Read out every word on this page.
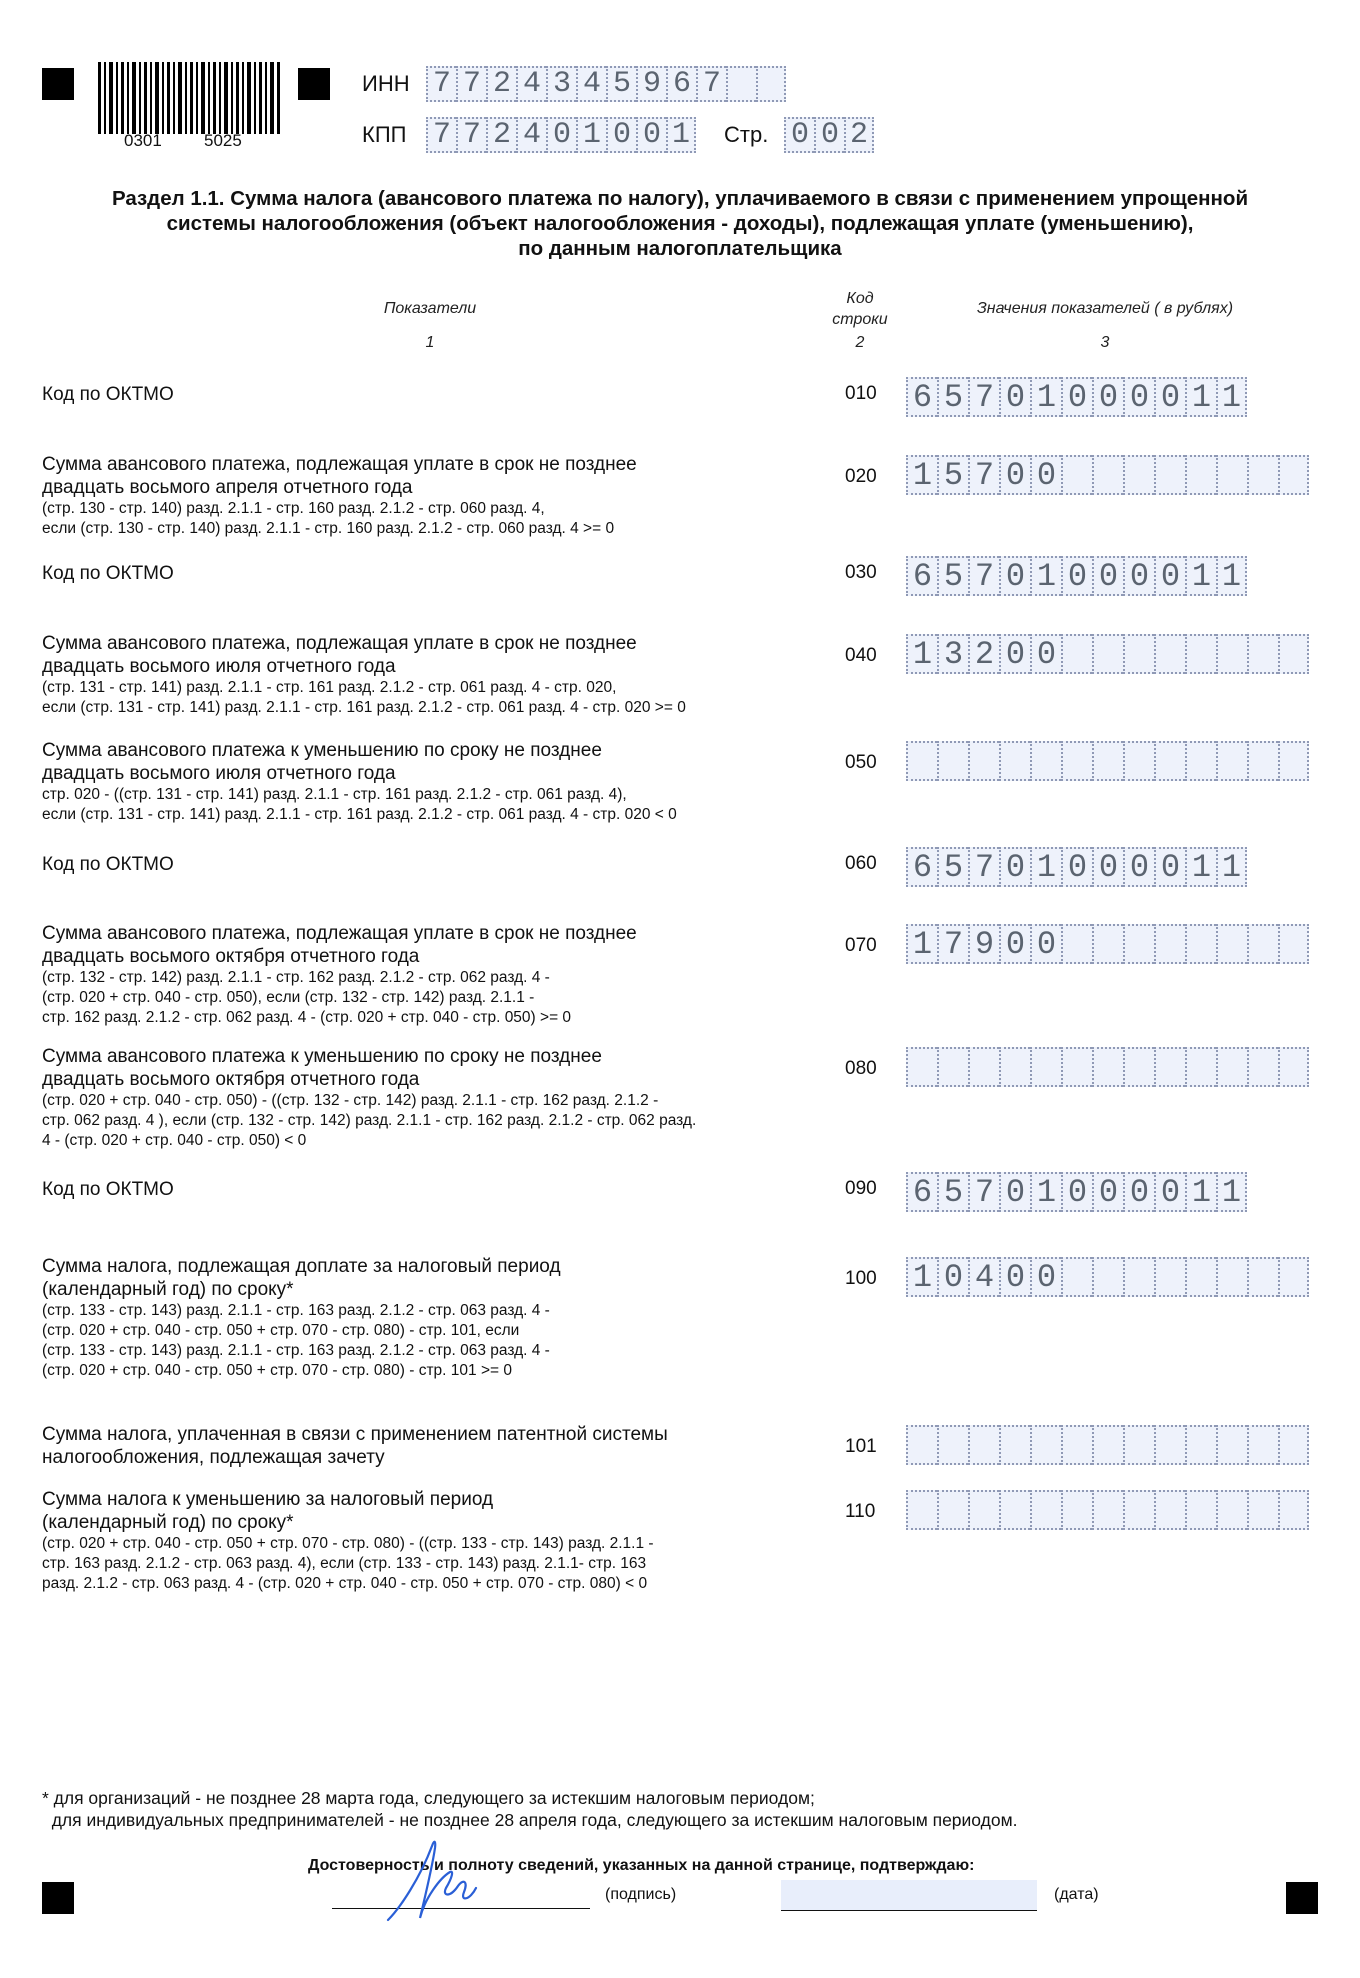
0301 5025
ИНН 7 7 2 4 3 4 5 9 6 7
КПП 7 7 2 4 0 1 0 0 1 Стр. 0 0 2
Раздел 1.1. Сумма налога (авансового платежа по налогу), уплачиваемого в связи с применением упрощенной
системы налогообложения (объект налогообложения - доходы), подлежащая уплате (уменьшению),
по данным налогоплательщика
Показатели
Код
строки
Значения показателей ( в рублях)
1	2	3
Код по ОКТМО	010 6 5 7 0 1 0 0 0 0 1 1
Сумма авансового платежа, подлежащая уплате в срок не позднее
двадцать восьмого апреля отчетного года
(стр. 130 - стр. 140) разд. 2.1.1 - стр. 160 разд. 2.1.2 - стр. 060 разд. 4,
если (стр. 130 - стр. 140) разд. 2.1.1 - стр. 160 разд. 2.1.2 - стр. 060 разд. 4 >= 0
020 1 5 7 0 0
Код по ОКТМО	030 6 5 7 0 1 0 0 0 0 1 1
Сумма авансового платежа, подлежащая уплате в срок не позднее
двадцать восьмого июля отчетного года
(стр. 131 - стр. 141) разд. 2.1.1 - стр. 161 разд. 2.1.2 - стр. 061 разд. 4 - стр. 020,
если (стр. 131 - стр. 141) разд. 2.1.1 - стр. 161 разд. 2.1.2 - стр. 061 разд. 4 - стр. 020 >= 0
040 1 3 2 0 0
Сумма авансового платежа к уменьшению по сроку не позднее
двадцать восьмого июля отчетного года
стр. 020 - ((стр. 131 - стр. 141) разд. 2.1.1 - стр. 161 разд. 2.1.2 - стр. 061 разд. 4),
если (стр. 131 - стр. 141) разд. 2.1.1 - стр. 161 разд. 2.1.2 - стр. 061 разд. 4 - стр. 020 < 0
050
Код по ОКТМО	060 6 5 7 0 1 0 0 0 0 1 1
Сумма авансового платежа, подлежащая уплате в срок не позднее
двадцать восьмого октября отчетного года
(стр. 132 - стр. 142) разд. 2.1.1 - стр. 162 разд. 2.1.2 - стр. 062 разд. 4 -
(стр. 020 + стр. 040 - стр. 050), если (стр. 132 - стр. 142) разд. 2.1.1 -
стр. 162 разд. 2.1.2 - стр. 062 разд. 4 - (стр. 020 + стр. 040 - стр. 050) >= 0
070 1 7 9 0 0
Сумма авансового платежа к уменьшению по сроку не позднее
двадцать восьмого октября отчетного года
(стр. 020 + стр. 040 - стр. 050) - ((стр. 132 - стр. 142) разд. 2.1.1 - стр. 162 разд. 2.1.2 -
стр. 062 разд. 4 ), если (стр. 132 - стр. 142) разд. 2.1.1 - стр. 162 разд. 2.1.2 - стр. 062 разд.
4 - (стр. 020 + стр. 040 - стр. 050) < 0
080
Код по ОКТМО	090 6 5 7 0 1 0 0 0 0 1 1
Сумма налога, подлежащая доплате за налоговый период
(календарный год) по сроку*
(стр. 133 - стр. 143) разд. 2.1.1 - стр. 163 разд. 2.1.2 - стр. 063 разд. 4 -
(стр. 020 + стр. 040 - стр. 050 + стр. 070 - стр. 080) - стр. 101, если
(стр. 133 - стр. 143) разд. 2.1.1 - стр. 163 разд. 2.1.2 - стр. 063 разд. 4 -
(стр. 020 + стр. 040 - стр. 050 + стр. 070 - стр. 080) - стр. 101 >= 0
100 1 0 4 0 0
Сумма налога, уплаченная в связи с применением патентной системы
налогообложения, подлежащая зачету
101
Сумма налога к уменьшению за налоговый период
(календарный год) по сроку*
(стр. 020 + стр. 040 - стр. 050 + стр. 070 - стр. 080) - ((стр. 133 - стр. 143) разд. 2.1.1 -
стр. 163 разд. 2.1.2 - стр. 063 разд. 4), если (стр. 133 - стр. 143) разд. 2.1.1- стр. 163
разд. 2.1.2 - стр. 063 разд. 4 - (стр. 020 + стр. 040 - стр. 050 + стр. 070 - стр. 080) < 0
110
* для организаций - не позднее 28 марта года, следующего за истекшим налоговым периодом;
для индивидуальных предпринимателей - не позднее 28 апреля года, следующего за истекшим налоговым периодом.
Достоверность и полноту сведений, указанных на данной странице, подтверждаю:
(подпись)	(дата)
